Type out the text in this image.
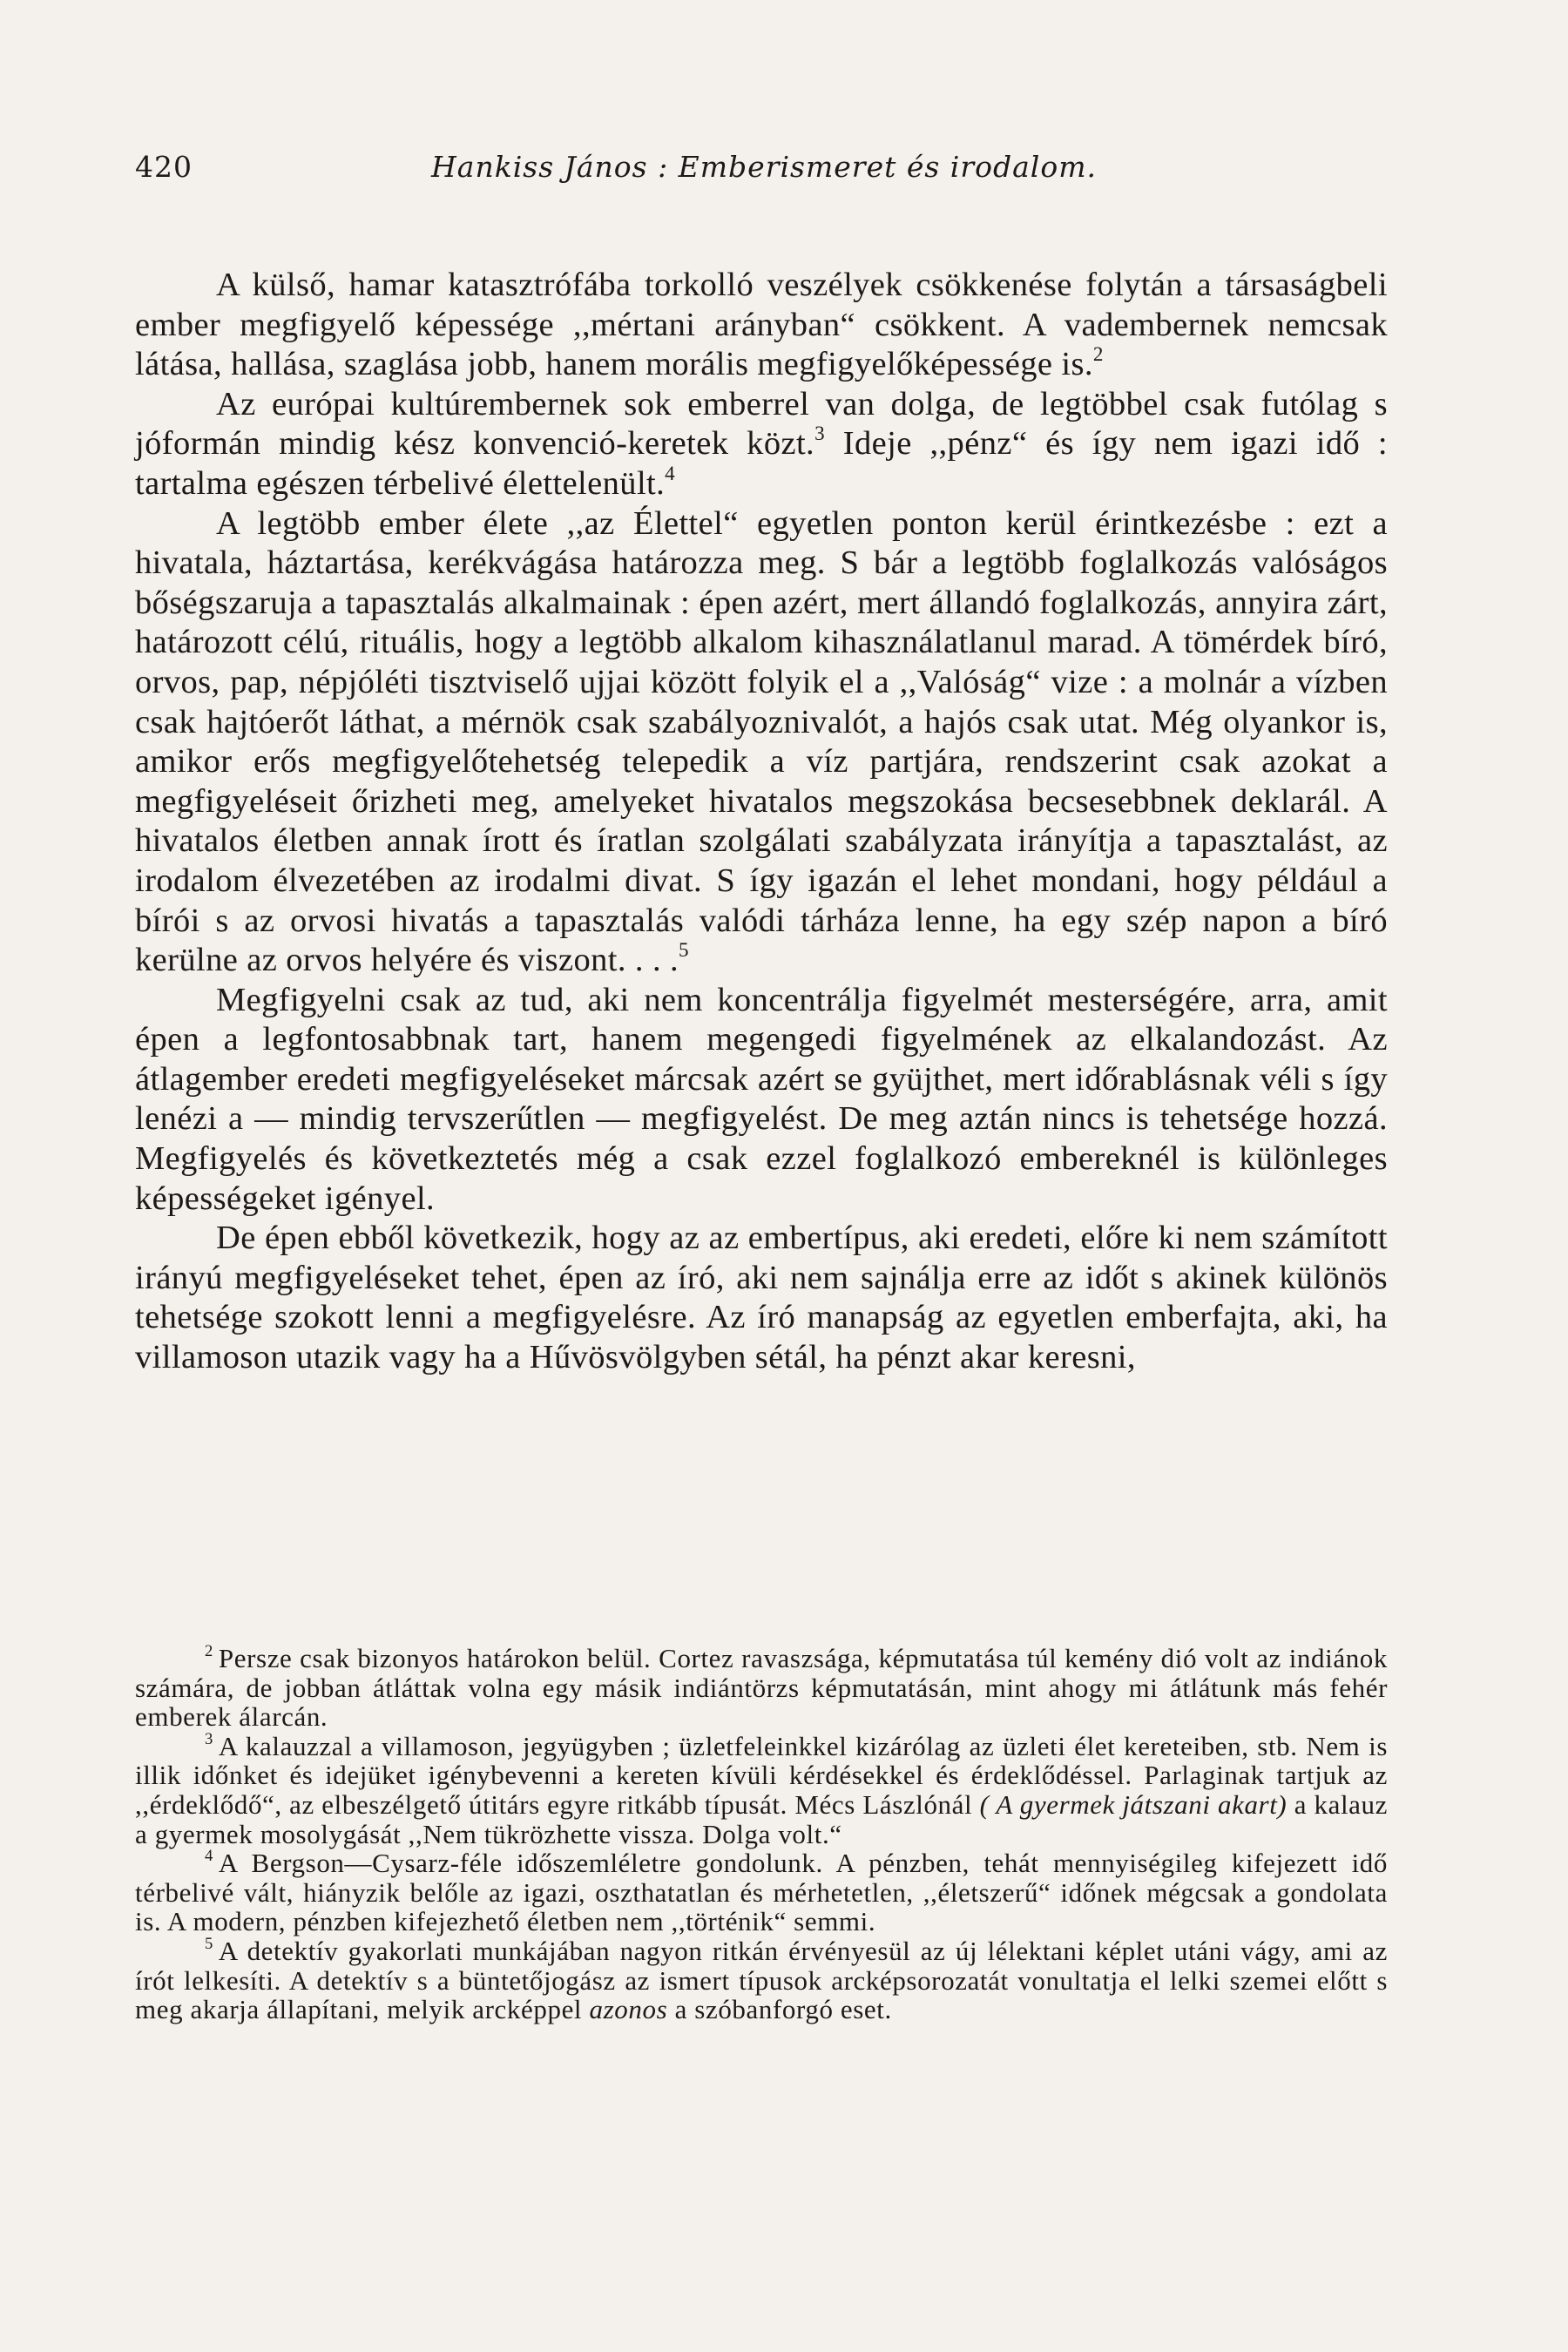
420	Hankiss János : Emberismeret és irodalom.

A külső, hamar katasztrófába torkolló veszélyek csökkenése folytán a társaságbeli ember megfigyelő képessége ,,mértani arányban“ csökkent. A vadembernek nemcsak látása, hallása, szaglása jobb, hanem morális megfigyelőképessége is.$^2$

Az európai kultúrembernek sok emberrel van dolga, de legtöbbel csak futólag s jóformán mindig kész konvenció-keretek közt.$^3$ Ideje ,,pénz“ és így nem igazi idő : tartalma egészen térbelivé élettelenült.$^4$

A legtöbb ember élete ,,az Élettel“ egyetlen ponton kerül érintkezésbe : ezt a hivatala, háztartása, kerékvágása határozza meg. S bár a legtöbb foglalkozás valóságos bőségszaruja a tapasztalás alkalmainak : épen azért, mert állandó foglalkozás, annyira zárt, határozott célú, rituális, hogy a legtöbb alkalom kihasználatlanul marad. A tömérdek bíró, orvos, pap, népjóléti tisztviselő ujjai között folyik el a ,,Valóság“ vize : a molnár a vízben csak hajtóerőt láthat, a mérnök csak szabályoznivalót, a hajós csak utat. Még olyankor is, amikor erős megfigyelőtehetség telepedik a víz partjára, rendszerint csak azokat a megfigyeléseit őrizheti meg, amelyeket hivatalos megszokása becsesebbnek deklarál. A hivatalos életben annak írott és íratlan szolgálati szabályzata irányítja a tapasztalást, az irodalom élvezetében az irodalmi divat. S így igazán el lehet mondani, hogy például a bírói s az orvosi hivatás a tapasztalás valódi tárháza lenne, ha egy szép napon a bíró kerülne az orvos helyére és viszont. . . .$^5$

Megfigyelni csak az tud, aki nem koncentrálja figyelmét mesterségére, arra, amit épen a legfontosabbnak tart, hanem megengedi figyelmének az elkalandozást. Az átlagember eredeti megfigyeléseket márcsak azért se gyüjthet, mert időrablásnak véli s így lenézi a — mindig tervszerűtlen — megfigyelést. De meg aztán nincs is tehetsége hozzá. Megfigyelés és következtetés még a csak ezzel foglalkozó embereknél is különleges képességeket igényel.

De épen ebből következik, hogy az az embertípus, aki eredeti, előre ki nem számított irányú megfigyeléseket tehet, épen az író, aki nem sajnálja erre az időt s akinek különös tehetsége szokott lenni a megfigyelésre. Az író manapság az egyetlen emberfajta, aki, ha villamoson utazik vagy ha a Hűvösvölgyben sétál, ha pénzt akar keresni,

$^2$ Persze csak bizonyos határokon belül. Cortez ravaszsága, képmutatása túl kemény dió volt az indiánok számára, de jobban átláttak volna egy másik indiántörzs képmutatásán, mint ahogy mi átlátunk más fehér emberek álarcán.

$^3$ A kalauzzal a villamoson, jegyügyben ; üzletfeleinkkel kizárólag az üzleti élet kereteiben, stb. Nem is illik időnket és idejüket igénybevenni a kereten kívüli kérdésekkel és érdeklődéssel. Parlaginak tartjuk az ,,érdeklődő“, az elbeszélgető útitárs egyre ritkább típusát. Mécs Lászlónál ( A gyermek játszani akart) a kalauz a gyermek mosolygását ,,Nem tükrözhette vissza. Dolga volt.“

$^4$ A Bergson—Cysarz-féle időszemléletre gondolunk. A pénzben, tehát mennyiségileg kifejezett idő térbelivé vált, hiányzik belőle az igazi, oszthatatlan és mérhetetlen, ,,életszerű“ időnek mégcsak a gondolata is. A modern, pénzben kifejezhető életben nem ,,történik“ semmi.

$^5$ A detektív gyakorlati munkájában nagyon ritkán érvényesül az új lélektani képlet utáni vágy, ami az írót lelkesíti. A detektív s a büntetőjogász az ismert típusok arcképsorozatát vonultatja el lelki szemei előtt s meg akarja állapítani, melyik arcképpel azonos a szóbanforgó eset.
